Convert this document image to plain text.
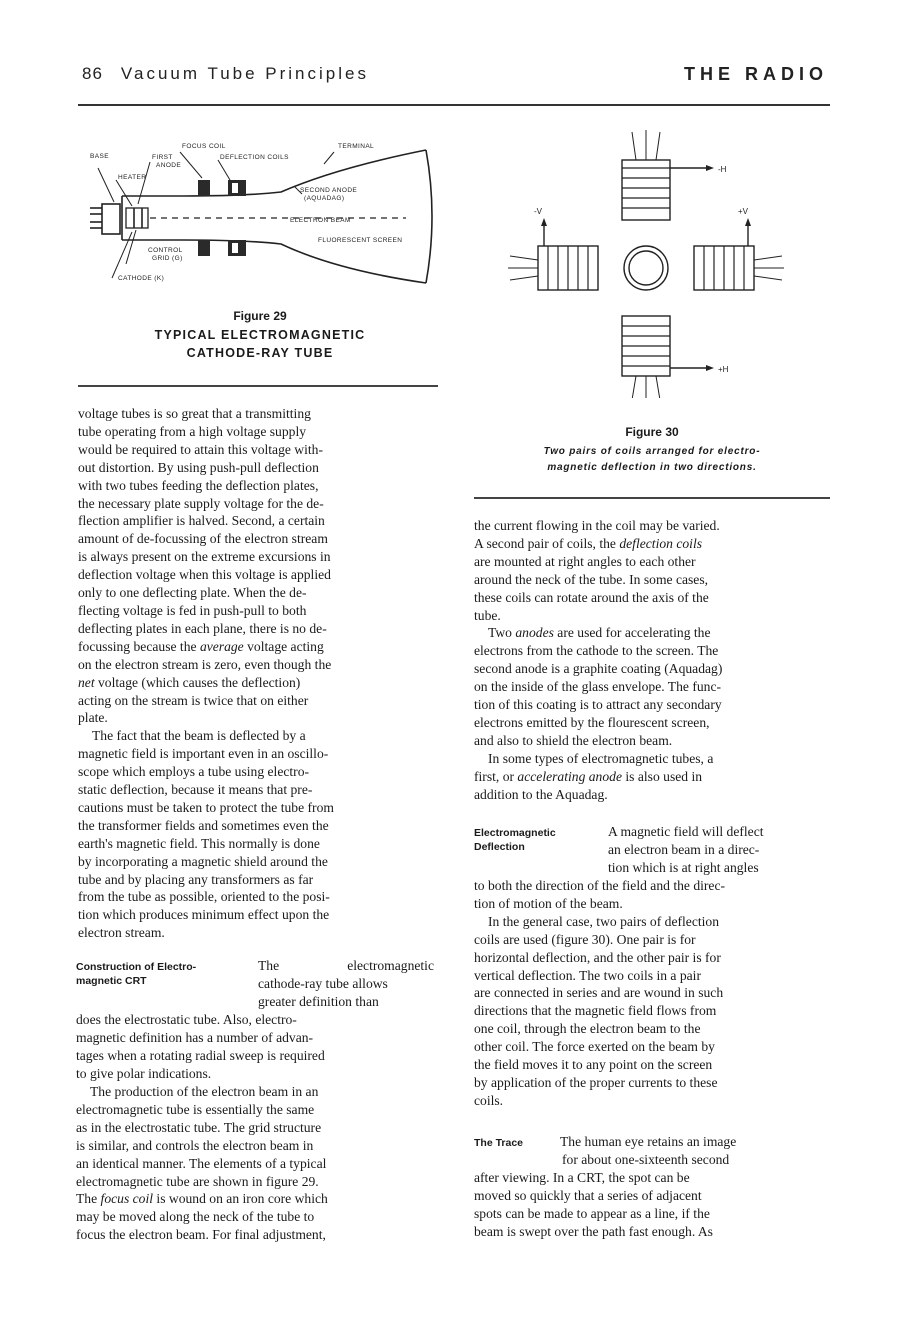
86 Vacuum Tube Principles	THE RADIO
FOCUS COIL	TERMINAL
BASE	FIRST
ANODE
DEFLECTION COILS
HEATER
SECOND ANODE
(AQUADAG)
ELECTRON BEAM
FLUORESCENT SCREEN
CONTROL
GRID (G)
CATHODE (K)
Figure 29
TYPICAL ELECTROMAGNETIC
CATHODE-RAY TUBE
-H
+H
-V	+V
Figure 30
Two pairs of coils arranged for electro-
magnetic deflection in two directions.
voltage tubes is so great that a transmitting
tube operating from a high voltage supply
would be required to attain this voltage with-
out distortion. By using push-pull deflection
with two tubes feeding the deflection plates,
the necessary plate supply voltage for the de-
flection amplifier is halved. Second, a certain
amount of de-focussing of the electron stream
is always present on the extreme excursions in
deflection voltage when this voltage is applied
only to one deflecting plate. When the de-
flecting voltage is fed in push-pull to both
deflecting plates in each plane, there is no de-
focussing because the average voltage acting
on the electron stream is zero, even though the
net voltage (which causes the deflection)
acting on the stream is twice that on either
plate.
The fact that the beam is deflected by a
magnetic field is important even in an oscillo-
scope which employs a tube using electro-
static deflection, because it means that pre-
cautions must be taken to protect the tube from
the transformer fields and sometimes even the
earth's magnetic field. This normally is done
by incorporating a magnetic shield around the
tube and by placing any transformers as far
from the tube as possible, oriented to the posi-
tion which produces minimum effect upon the
electron stream.
Construction of Electro-
magnetic CRT
The electromagnetic
cathode-ray tube allows
greater definition than
does the electrostatic tube. Also, electro-
magnetic definition has a number of advan-
tages when a rotating radial sweep is required
to give polar indications.
The production of the electron beam in an
electromagnetic tube is essentially the same
as in the electrostatic tube. The grid structure
is similar, and controls the electron beam in
an identical manner. The elements of a typical
electromagnetic tube are shown in figure 29.
The focus coil is wound on an iron core which
may be moved along the neck of the tube to
focus the electron beam. For final adjustment,
the current flowing in the coil may be varied.
A second pair of coils, the deflection coils
are mounted at right angles to each other
around the neck of the tube. In some cases,
these coils can rotate around the axis of the
tube.
Two anodes are used for accelerating the
electrons from the cathode to the screen. The
second anode is a graphite coating (Aquadag)
on the inside of the glass envelope. The func-
tion of this coating is to attract any secondary
electrons emitted by the flourescent screen,
and also to shield the electron beam.
In some types of electromagnetic tubes, a
first, or accelerating anode is also used in
addition to the Aquadag.
Electromagnetic
Deflection
A magnetic field will deflect
an electron beam in a direc-
tion which is at right angles
to both the direction of the field and the direc-
tion of motion of the beam.
In the general case, two pairs of deflection
coils are used (figure 30). One pair is for
horizontal deflection, and the other pair is for
vertical deflection. The two coils in a pair
are connected in series and are wound in such
directions that the magnetic field flows from
one coil, through the electron beam to the
other coil. The force exerted on the beam by
the field moves it to any point on the screen
by application of the proper currents to these
coils.
The Trace	The human eye retains an image
for about one-sixteenth second
after viewing. In a CRT, the spot can be
moved so quickly that a series of adjacent
spots can be made to appear as a line, if the
beam is swept over the path fast enough. As
